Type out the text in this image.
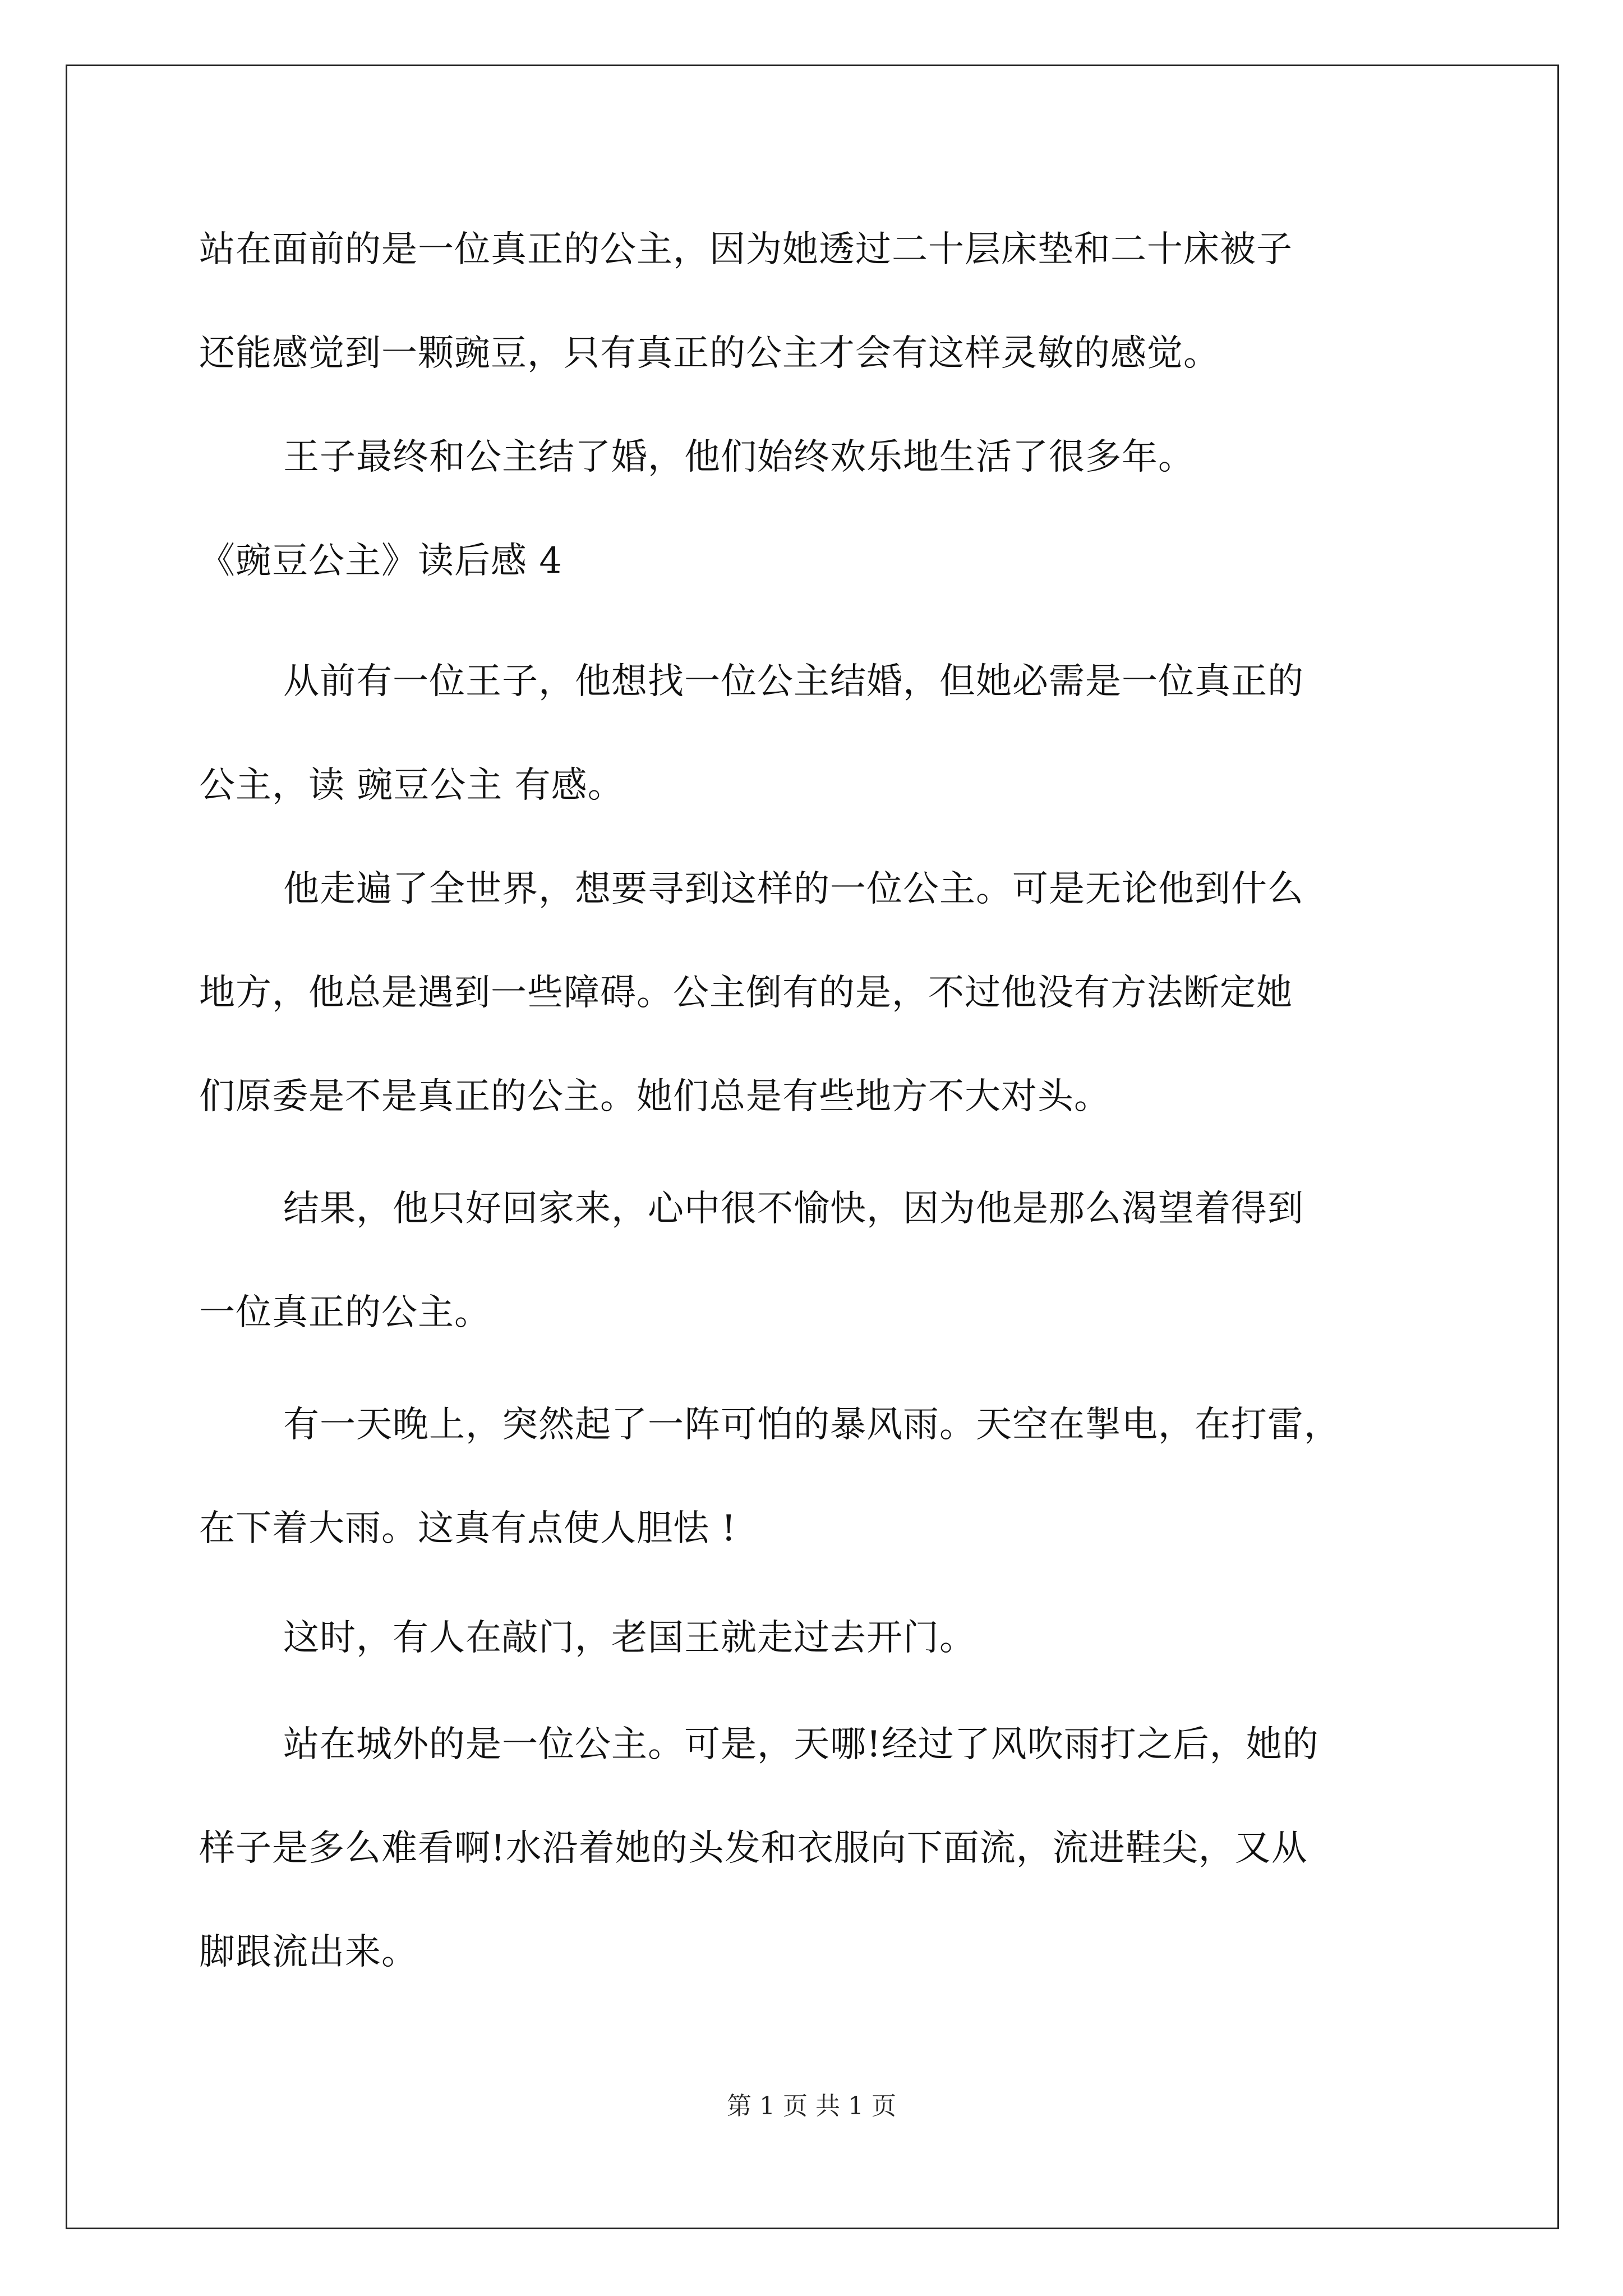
站在面前的是一位真正的公主，因为她透过二十层床垫和二十床被子
还能感觉到一颗豌豆，只有真正的公主才会有这样灵敏的感觉。
王子最终和公主结了婚，他们始终欢乐地生活了很多年。
《豌豆公主》读后感 4
从前有一位王子，他想找一位公主结婚，但她必需是一位真正的
公主，读 豌豆公主 有感。
他走遍了全世界，想要寻到这样的一位公主。可是无论他到什么
地方，他总是遇到一些障碍。公主倒有的是，不过他没有方法断定她
们原委是不是真正的公主。她们总是有些地方不大对头。
结果，他只好回家来，心中很不愉快，因为他是那么渴望着得到
一位真正的公主。
有一天晚上，突然起了一阵可怕的暴风雨。天空在掣电，在打雷，
在下着大雨。这真有点使人胆怯 !
这时，有人在敲门，老国王就走过去开门。
站在城外的是一位公主。可是，天哪!经过了风吹雨打之后，她的
样子是多么难看啊!水沿着她的头发和衣服向下面流，流进鞋尖，又从
脚跟流出来。
第 1 页 共 1 页
